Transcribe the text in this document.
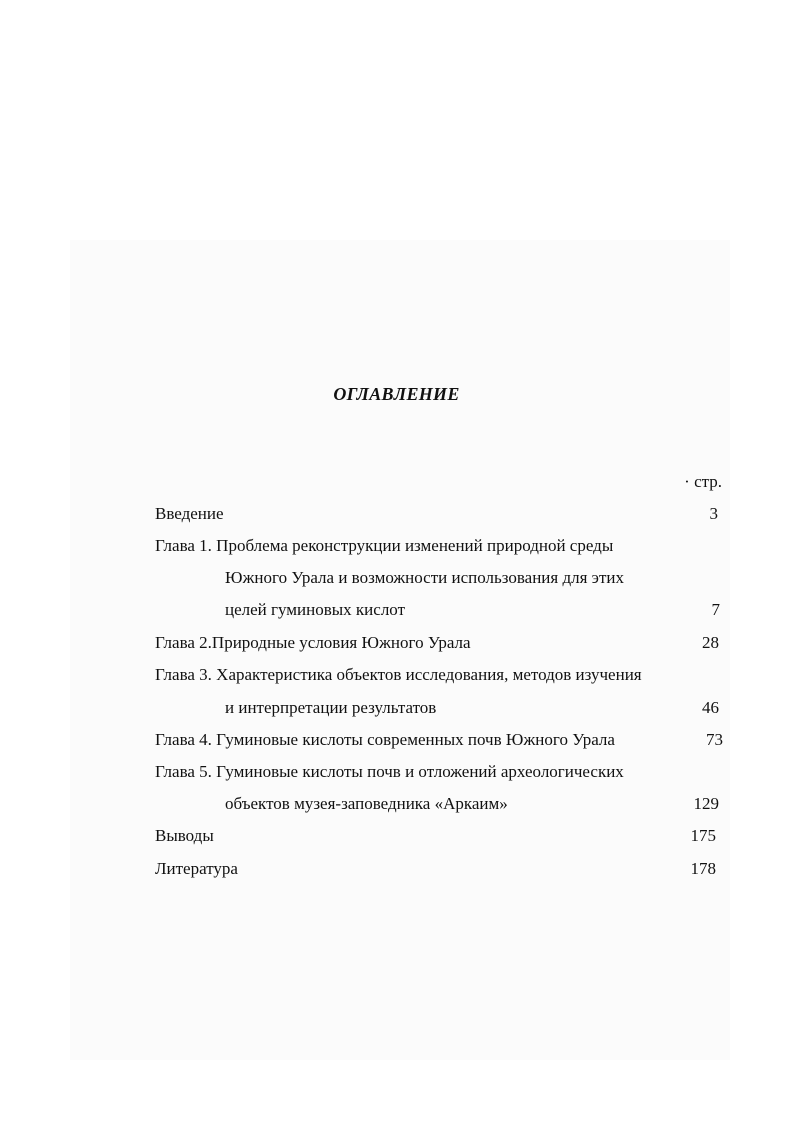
ОГЛАВЛЕНИЕ
· стр.
Введение	3
Глава 1. Проблема реконструкции изменений природной среды
Южного Урала и возможности использования для этих
целей гуминовых кислот	7
Глава 2.Природные условия Южного Урала	28
Глава 3. Характеристика объектов исследования, методов изучения
и интерпретации результатов	46
Глава 4. Гуминовые кислоты современных почв Южного Урала	73
Глава 5. Гуминовые кислоты почв и отложений археологических
объектов музея-заповедника «Аркаим»	129
Выводы	175
Литература	178
